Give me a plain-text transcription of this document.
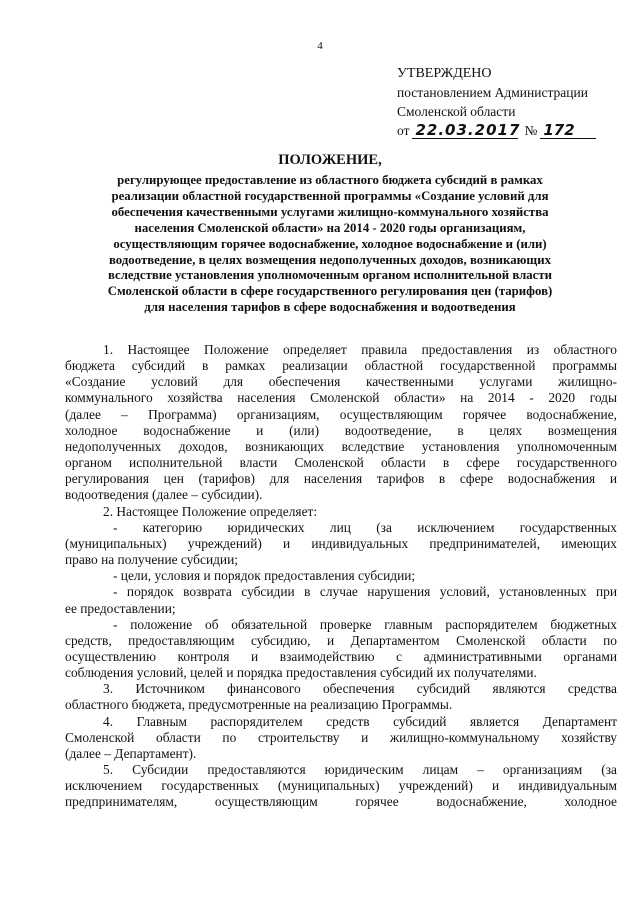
4
УТВЕРЖДЕНО
постановлением Администрации
Смоленской области
от 22.03.2017 № 172
ПОЛОЖЕНИЕ,
регулирующее предоставление из областного бюджета субсидий в рамках
реализации областной государственной программы «Создание условий для
обеспечения качественными услугами жилищно-коммунального хозяйства
населения Смоленской области» на 2014 - 2020 годы организациям,
осуществляющим горячее водоснабжение, холодное водоснабжение и (или)
водоотведение, в целях возмещения недополученных доходов, возникающих
вследствие установления уполномоченным органом исполнительной власти
Смоленской области в сфере государственного регулирования цен (тарифов)
для населения тарифов в сфере водоснабжения и водоотведения

1. Настоящее Положение определяет правила предоставления из областного

бюджета субсидий в рамках реализации областной государственной программы

«Создание условий для обеспечения качественными услугами жилищно-

коммунального хозяйства населения Смоленской области» на 2014 - 2020 годы

(далее – Программа) организациям, осуществляющим горячее водоснабжение,

холодное водоснабжение и (или) водоотведение, в целях возмещения

недополученных доходов, возникающих вследствие установления уполномоченным

органом исполнительной власти Смоленской области в сфере государственного

регулирования цен (тарифов) для населения тарифов в сфере водоснабжения и

водоотведения (далее – субсидии).

2. Настоящее Положение определяет:

- категорию юридических лиц (за исключением государственных

(муниципальных) учреждений) и индивидуальных предпринимателей, имеющих

право на получение субсидии;

- цели, условия и порядок предоставления субсидии;

- порядок возврата субсидии в случае нарушения условий, установленных при

ее предоставлении;

- положение об обязательной проверке главным распорядителем бюджетных

средств, предоставляющим субсидию, и Департаментом Смоленской области по

осуществлению контроля и взаимодействию с административными органами

соблюдения условий, целей и порядка предоставления субсидий их получателями.

3. Источником финансового обеспечения субсидий являются средства

областного бюджета, предусмотренные на реализацию Программы.

4. Главным распорядителем средств субсидий является Департамент

Смоленской области по строительству и жилищно-коммунальному хозяйству

(далее – Департамент).

5. Субсидии предоставляются юридическим лицам – организациям (за

исключением государственных (муниципальных) учреждений) и индивидуальным

предпринимателям, осуществляющим горячее водоснабжение, холодное
